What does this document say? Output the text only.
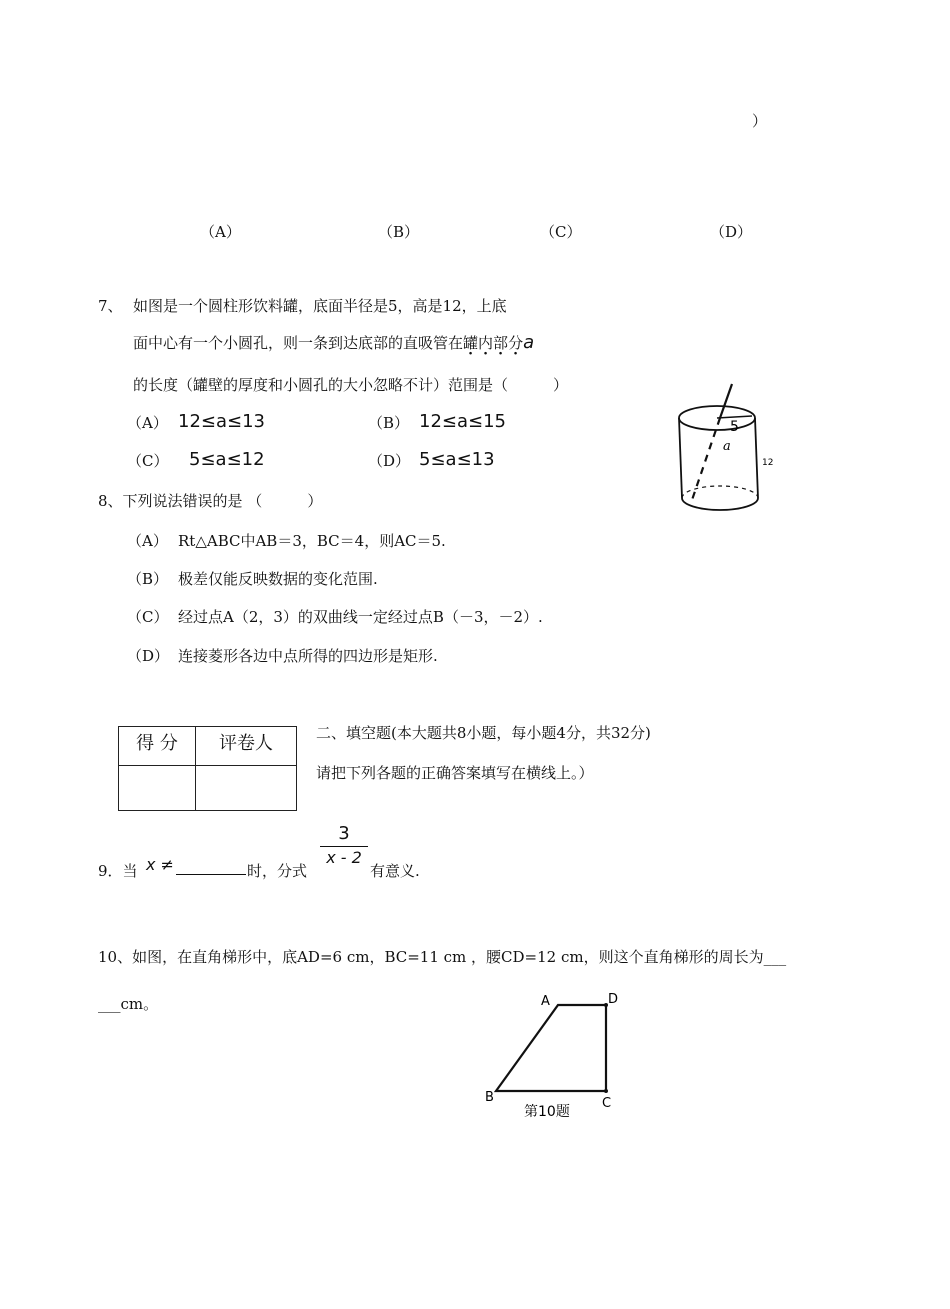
）
（A）	（B）	（C）	（D）
7、 如图是一个圆柱形饮料罐，底面半径是5，高是12，上底
面中心有一个小圆孔，则一条到达底部的直吸管在罐内部分a
的长度（罐壁的厚度和小圆孔的大小忽略不计）范围是（　　　）
（A） 12≤a≤13	（B） 12≤a≤15
（C） 5≤a≤12	（D） 5≤a≤13
5
a
12
8、下列说法错误的是 （　　　）
（A） Rt△ABC中AB＝3，BC＝4，则AC＝5.
（B） 极差仅能反映数据的变化范围.
（C） 经过点A（2，3）的双曲线一定经过点B（－3，－2）.
（D） 连接菱形各边中点所得的四边形是矩形.
得 分	评卷人
		二、填空题(本大题共8小题，每小题4分，共32分)
请把下列各题的正确答案填写在横线上。）
9．当 x ≠	时，分式
$\frac{3}{x - 2}$
有意义.
10、如图，在直角梯形中，底AD=6 cm，BC=11 cm ，腰CD=12 cm，则这个直角梯形的周长为___
___cm。	A	D
B	C
第10题
